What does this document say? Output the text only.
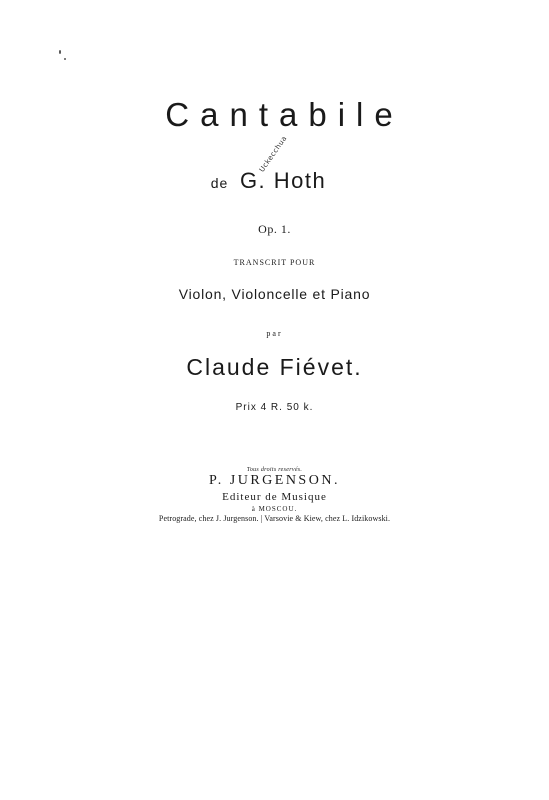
Cantabile
de G. Hoth
Uckecchua
Op. 1.
TRANSCRIT POUR
Violon, Violoncelle et Piano
par
Claude Fiévet.
Prix 4 R. 50 k.
Tous droits reservés.
P. JURGENSON.
Editeur de Musique
à MOSCOU.
Petrograde, chez J. Jurgenson. | Varsovie & Kiew, chez L. Idzikowski.
